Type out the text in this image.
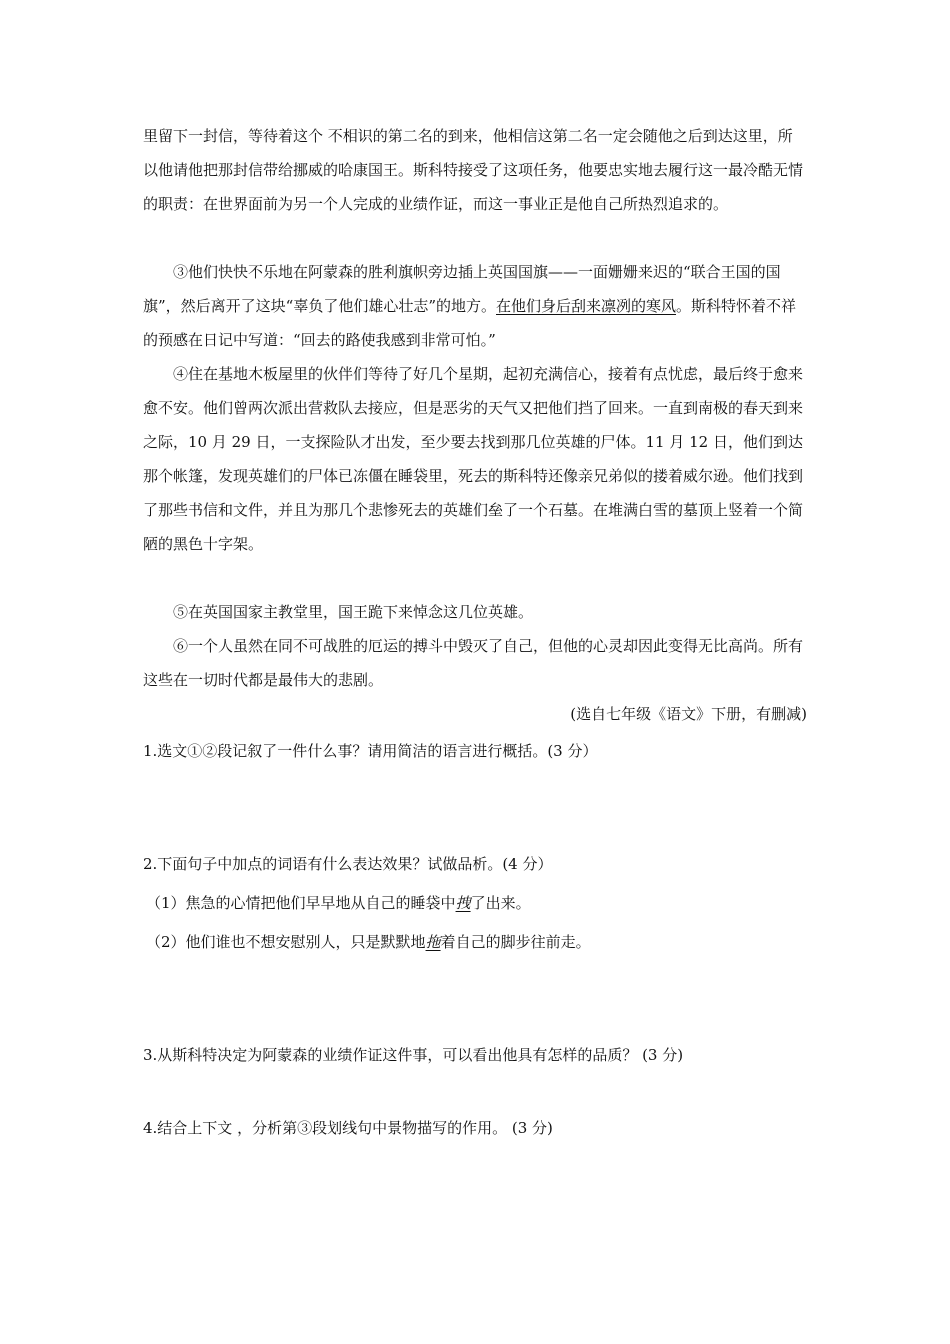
里留下一封信，等待着这个 不相识的第二名的到来，他相信这第二名一定会随他之后到达这里，所以他请他把那封信带给挪威的哈康国王。斯科特接受了这项任务，他要忠实地去履行这一最冷酷无情的职责：在世界面前为另一个人完成的业绩作证，而这一事业正是他自己所热烈追求的。

③他们快快不乐地在阿蒙森的胜利旗帜旁边插上英国国旗——一面姗姗来迟的“联合王国的国旗”，然后离开了这块“辜负了他们雄心壮志”的地方。在他们身后刮来凛冽的寒风。斯科特怀着不祥的预感在日记中写道：“回去的路使我感到非常可怕。”

④住在基地木板屋里的伙伴们等待了好几个星期，起初充满信心，接着有点忧虑，最后终于愈来愈不安。他们曾两次派出营救队去接应，但是恶劣的天气又把他们挡了回来。一直到南极的春天到来之际，10 月 29 日，一支探险队才出发，至少要去找到那几位英雄的尸体。11 月 12 日，他们到达那个帐篷，发现英雄们的尸体已冻僵在睡袋里，死去的斯科特还像亲兄弟似的搂着威尔逊。他们找到了那些书信和文件，并且为那几个悲惨死去的英雄们垒了一个石墓。在堆满白雪的墓顶上竖着一个简陋的黑色十字架。

⑤在英国国家主教堂里，国王跪下来悼念这几位英雄。

⑥一个人虽然在同不可战胜的厄运的搏斗中毁灭了自己，但他的心灵却因此变得无比高尚。所有这些在一切时代都是最伟大的悲剧。

(选自七年级《语文》下册，有删减)

1.选文①②段记叙了一件什么事？请用简洁的语言进行概括。(3 分）

2.下面句子中加点的词语有什么表达效果？试做品析。(4 分）

（1）焦急的心情把他们早早地从自己的睡袋中拽了出来。

（2）他们谁也不想安慰别人，只是默默地拖着自己的脚步往前走。

3.从斯科特决定为阿蒙森的业绩作证这件事，可以看出他具有怎样的品质？ (3 分)

4.结合上下文 ，分析第③段划线句中景物描写的作用。 (3 分)
